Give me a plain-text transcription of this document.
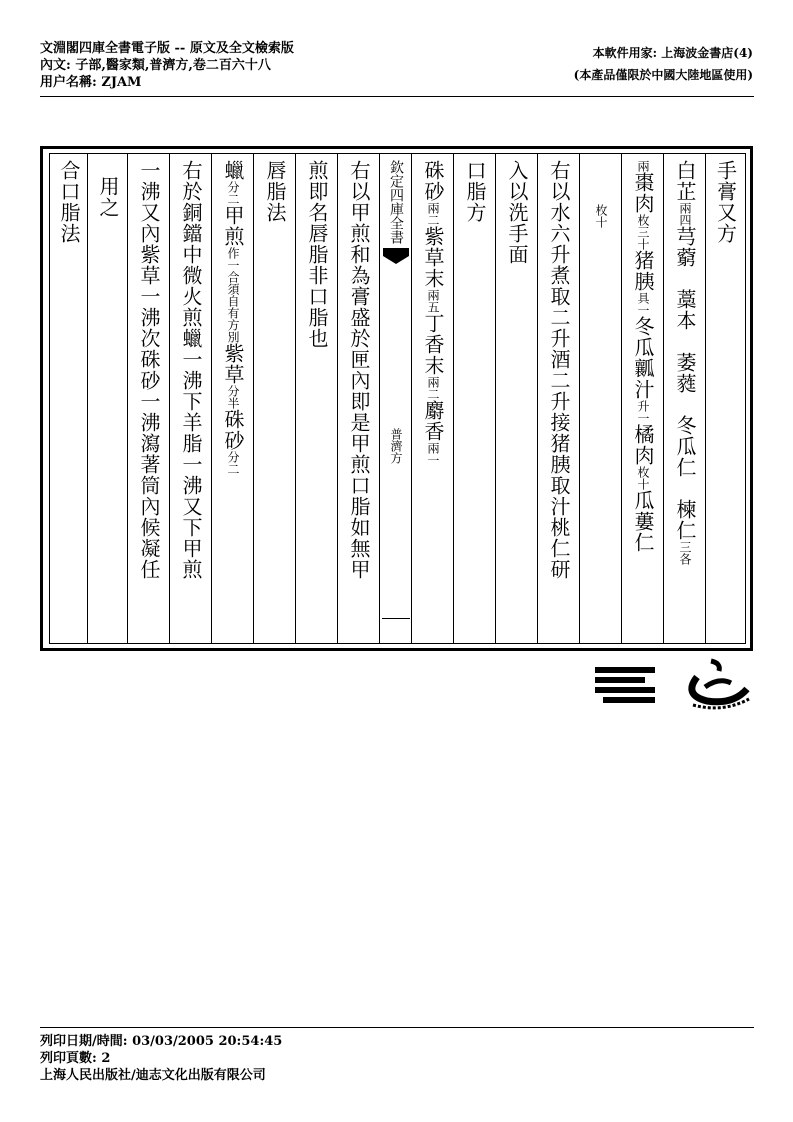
文淵閣四庫全書電子版 -- 原文及全文檢索版
內文: 子部,醫家類,普濟方,卷二百六十八
用户名稱: ZJAM
本軟件用家: 上海波金書店(4)
(本產品僅限於中國大陸地區使用)
手膏又方
白芷兩四芎藭　藁本　萎蕤　冬瓜仁　楝仁三各
兩棗肉枚三十猪胰具一冬瓜瓤汁升一橘肉枚十瓜蔞仁
枚十
右以水六升煮取二升酒二升接猪胰取汁桃仁研
入以洗手面
口脂方
硃砂兩二紫草末兩五丁香末兩二麝香兩一
欽定四庫全書
普濟方
右以甲煎和為膏盛於匣內即是甲煎口脂如無甲
煎即名唇脂非口脂也
唇脂法
蠟分二甲煎作一合須自有方別紫草分半硃砂分二
右於銅鐺中微火煎蠟一沸下羊脂一沸又下甲煎
一沸又內紫草一沸次硃砂一沸瀉著筒內候凝任
用之
合口脂法
列印日期/時間: 03/03/2005 20:54:45
列印頁數: 2
上海人民出版社/迪志文化出版有限公司
